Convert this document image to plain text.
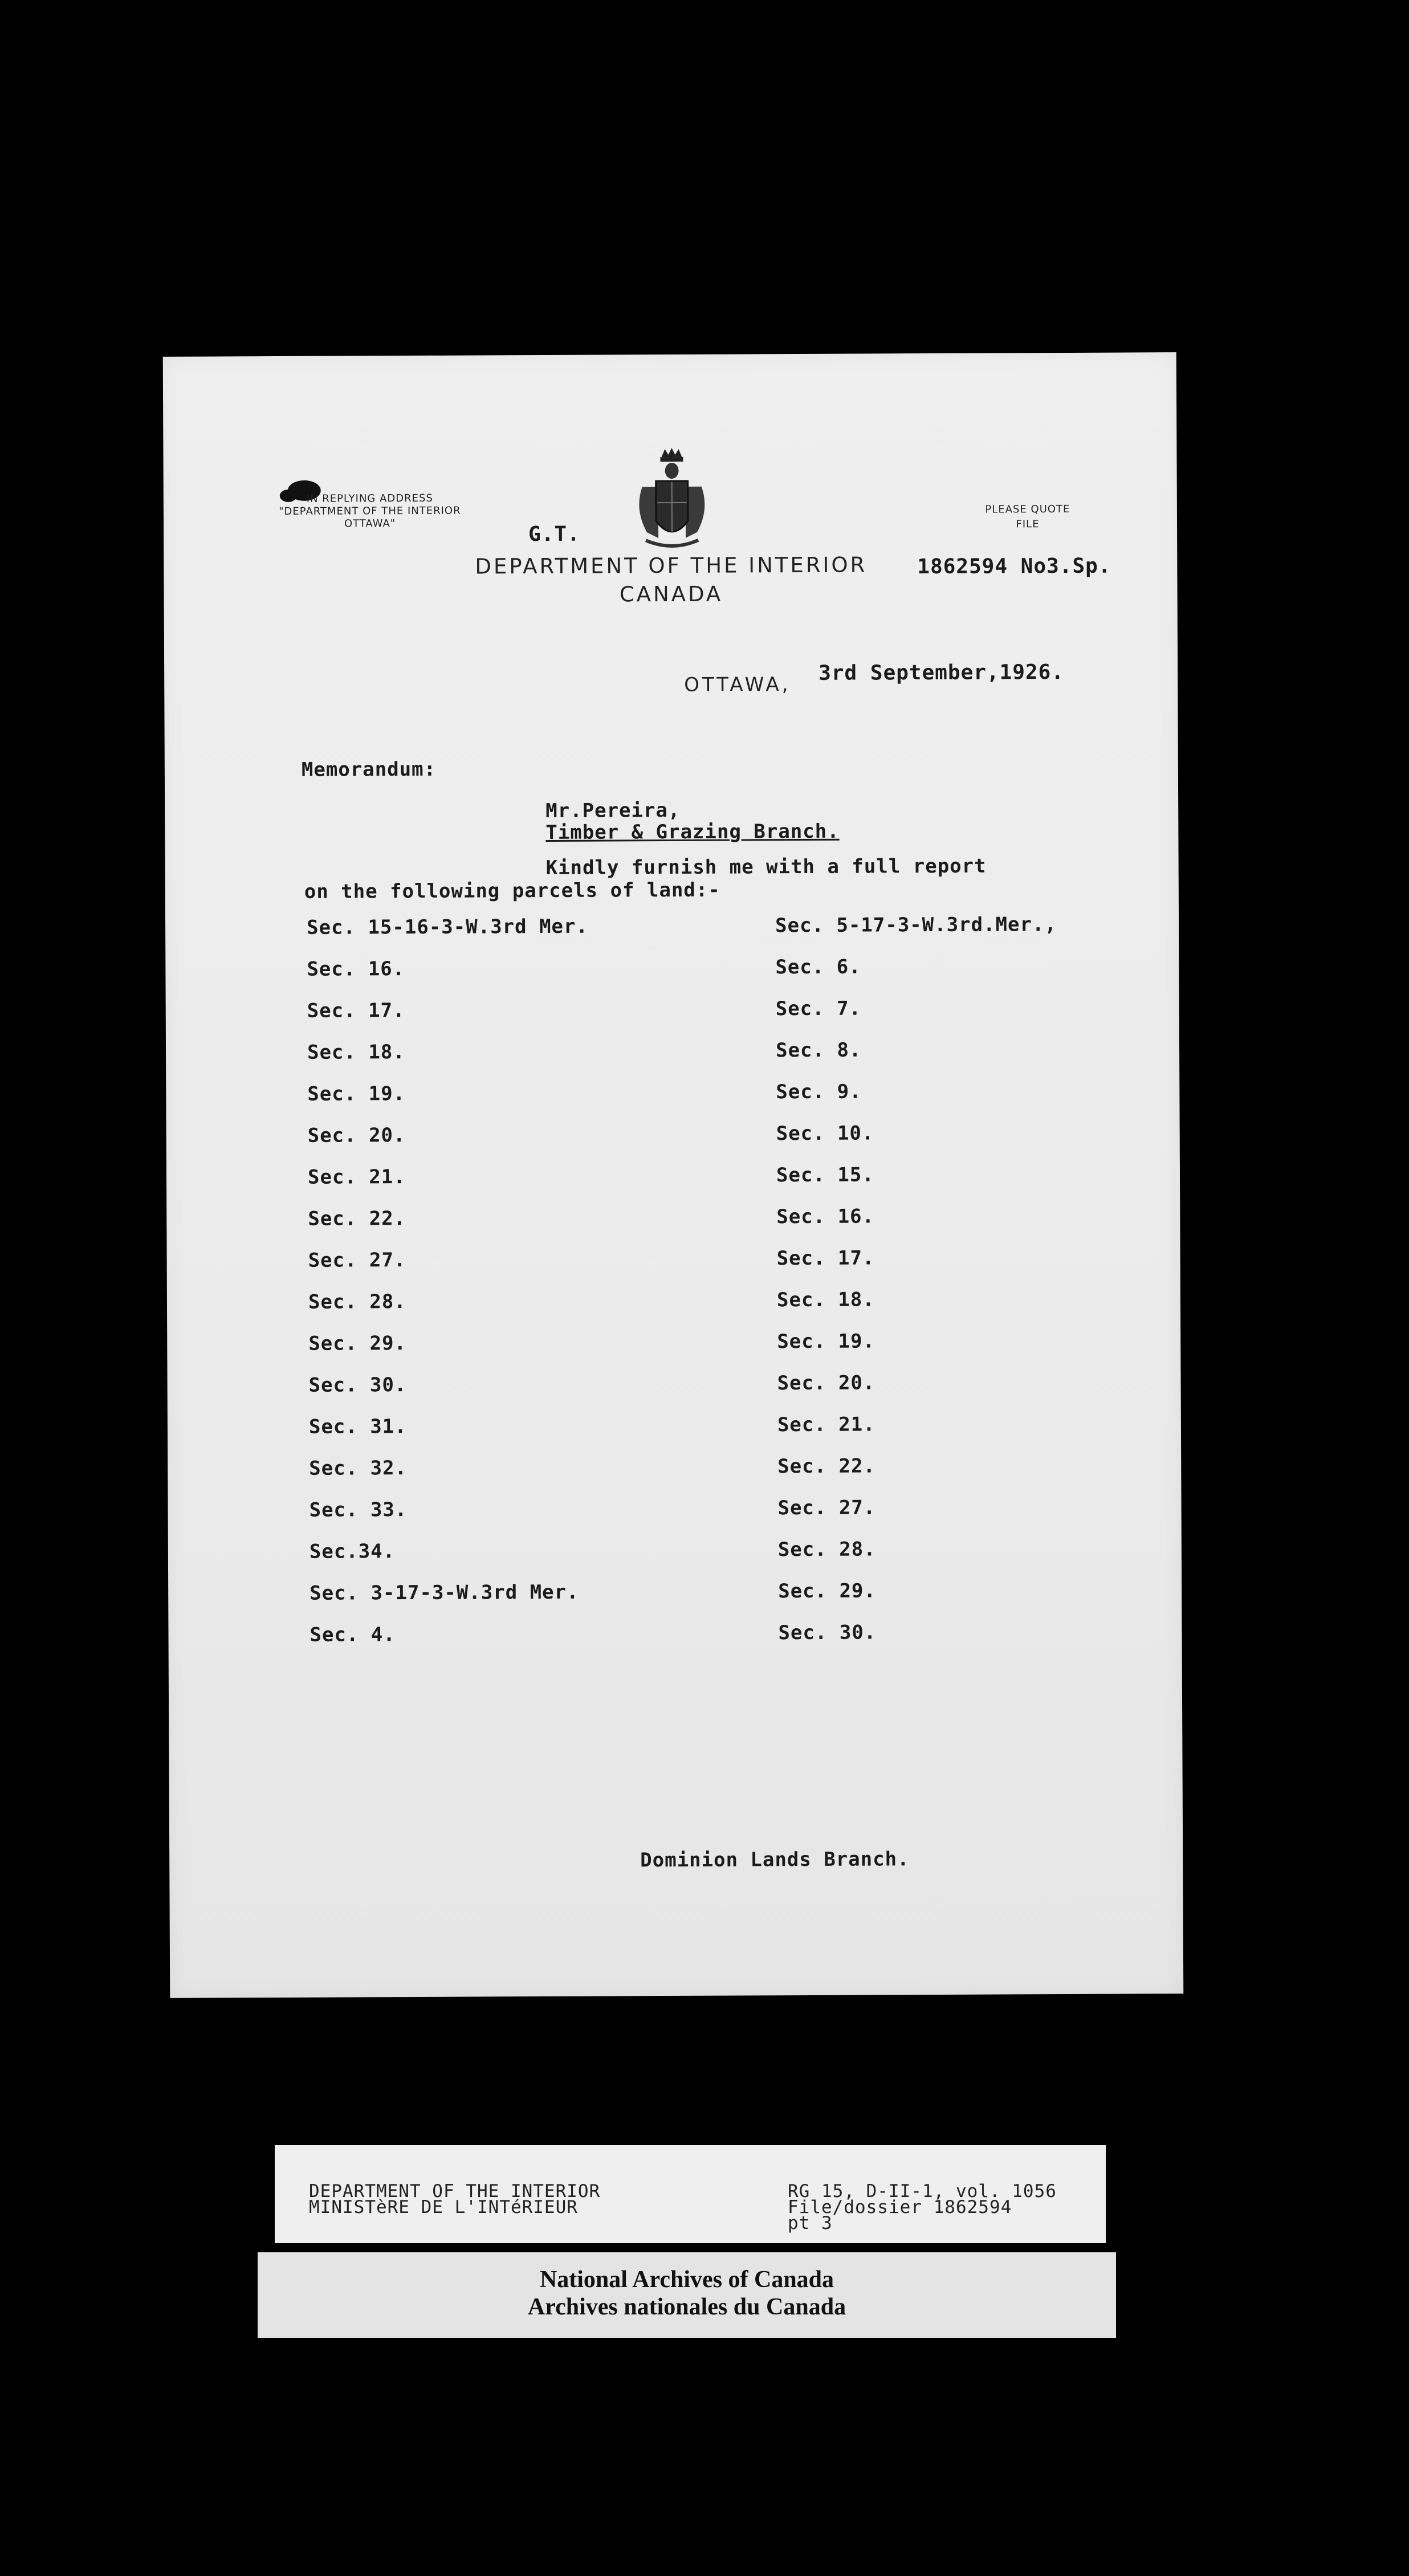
IN REPLYING ADDRESS
"DEPARTMENT OF THE INTERIOR
OTTAWA"	G.T.
DEPARTMENT OF THE INTERIOR
CANADA
PLEASE QUOTE
FILE
1862594 No3.Sp.
OTTAWA, 3rd September,1926.
Memorandum:
Mr.Pereira,
Timber & Grazing Branch.
Kindly furnish me with a full report
on the following parcels of land:-
Sec. 15-16-3-W.3rd Mer.
Sec. 16.
Sec. 17.
Sec. 18.
Sec. 19.
Sec. 20.
Sec. 21.
Sec. 22.
Sec. 27.
Sec. 28.
Sec. 29.
Sec. 30.
Sec. 31.
Sec. 32.
Sec. 33.
Sec.34.
Sec. 3-17-3-W.3rd Mer.
Sec. 4.
Sec. 5-17-3-W.3rd.Mer.,
Sec. 6.
Sec. 7.
Sec. 8.
Sec. 9.
Sec. 10.
Sec. 15.
Sec. 16.
Sec. 17.
Sec. 18.
Sec. 19.
Sec. 20.
Sec. 21.
Sec. 22.
Sec. 27.
Sec. 28.
Sec. 29.
Sec. 30.
Dominion Lands Branch.
DEPARTMENT OF THE INTERIOR
MINISTèRE DE L'INTéRIEUR
RG 15, D-II-1, vol. 1056
File/dossier 1862594
pt 3
National Archives of Canada
Archives nationales du Canada
